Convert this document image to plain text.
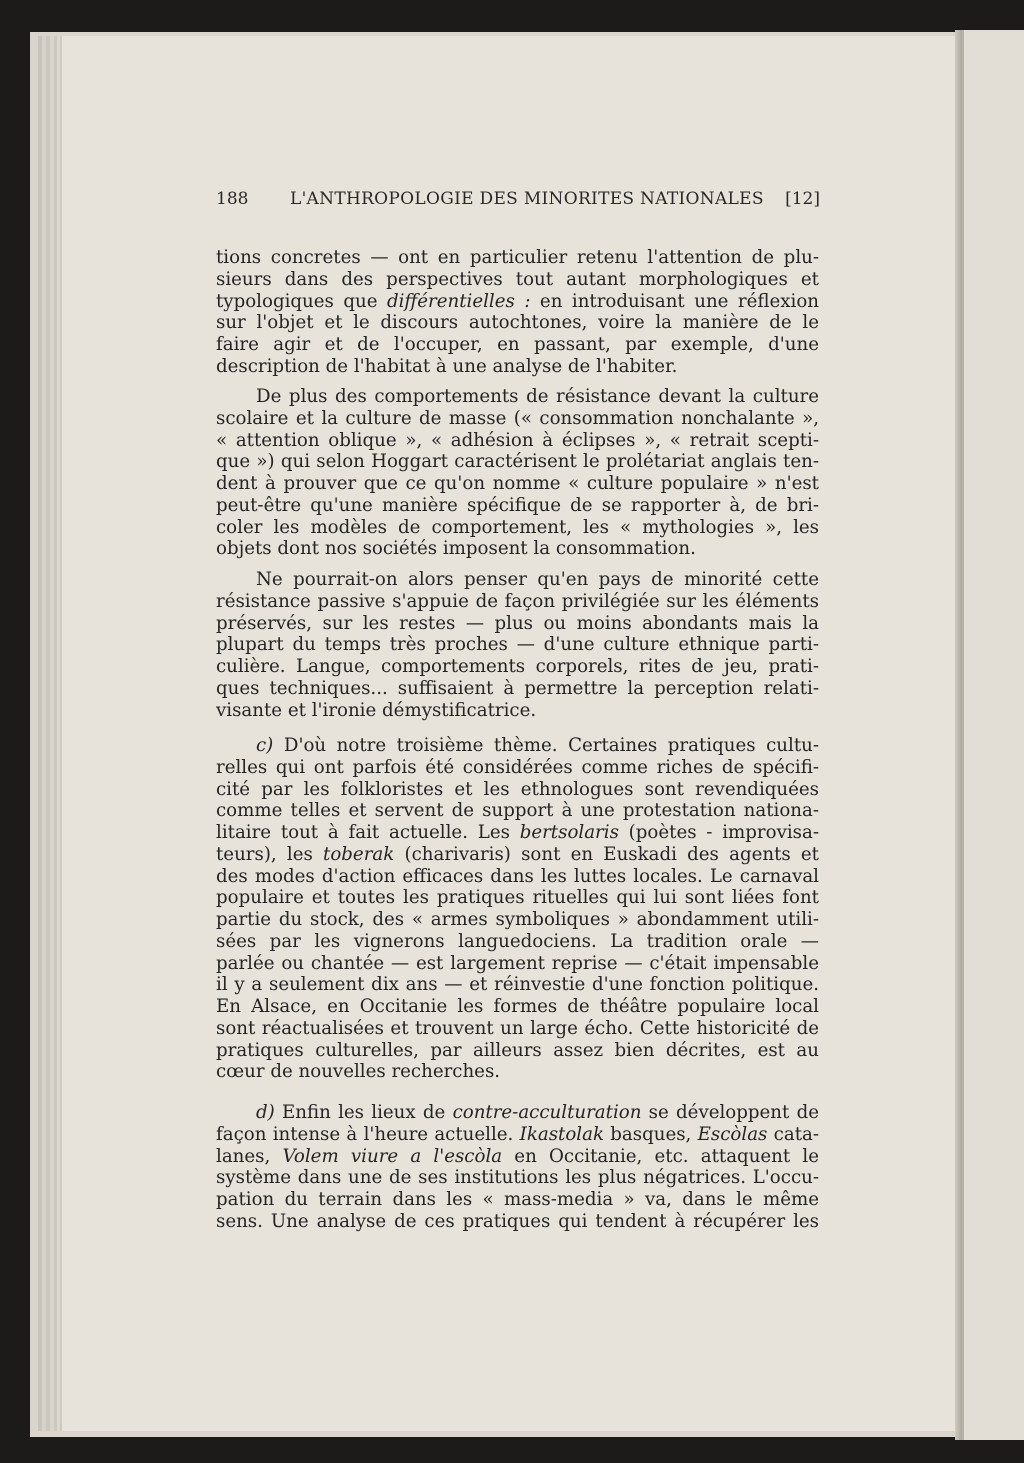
188 L'ANTHROPOLOGIE DES MINORITES NATIONALES [12]
tions concretes — ont en particulier retenu l'attention de plu-
sieurs dans des perspectives tout autant morphologiques et
typologiques que différentielles : en introduisant une réflexion
sur l'objet et le discours autochtones, voire la manière de le
faire agir et de l'occuper, en passant, par exemple, d'une
description de l'habitat à une analyse de l'habiter.
De plus des comportements de résistance devant la culture
scolaire et la culture de masse (« consommation nonchalante »,
« attention oblique », « adhésion à éclipses », « retrait scepti-
que ») qui selon Hoggart caractérisent le prolétariat anglais ten-
dent à prouver que ce qu'on nomme « culture populaire » n'est
peut-être qu'une manière spécifique de se rapporter à, de bri-
coler les modèles de comportement, les « mythologies », les
objets dont nos sociétés imposent la consommation.
Ne pourrait-on alors penser qu'en pays de minorité cette
résistance passive s'appuie de façon privilégiée sur les éléments
préservés, sur les restes — plus ou moins abondants mais la
plupart du temps très proches — d'une culture ethnique parti-
culière. Langue, comportements corporels, rites de jeu, prati-
ques techniques... suffisaient à permettre la perception relati-
visante et l'ironie démystificatrice.
c) D'où notre troisième thème. Certaines pratiques cultu-
relles qui ont parfois été considérées comme riches de spécifi-
cité par les folkloristes et les ethnologues sont revendiquées
comme telles et servent de support à une protestation nationa-
litaire tout à fait actuelle. Les bertsolaris (poètes - improvisa-
teurs), les toberak (charivaris) sont en Euskadi des agents et
des modes d'action efficaces dans les luttes locales. Le carnaval
populaire et toutes les pratiques rituelles qui lui sont liées font
partie du stock, des « armes symboliques » abondamment utili-
sées par les vignerons languedociens. La tradition orale —
parlée ou chantée — est largement reprise — c'était impensable
il y a seulement dix ans — et réinvestie d'une fonction politique.
En Alsace, en Occitanie les formes de théâtre populaire local
sont réactualisées et trouvent un large écho. Cette historicité de
pratiques culturelles, par ailleurs assez bien décrites, est au
cœur de nouvelles recherches.
d) Enfin les lieux de contre-acculturation se développent de
façon intense à l'heure actuelle. Ikastolak basques, Escòlas cata-
lanes, Volem viure a l'escòla en Occitanie, etc. attaquent le
système dans une de ses institutions les plus négatrices. L'occu-
pation du terrain dans les « mass-media » va, dans le même
sens. Une analyse de ces pratiques qui tendent à récupérer les
